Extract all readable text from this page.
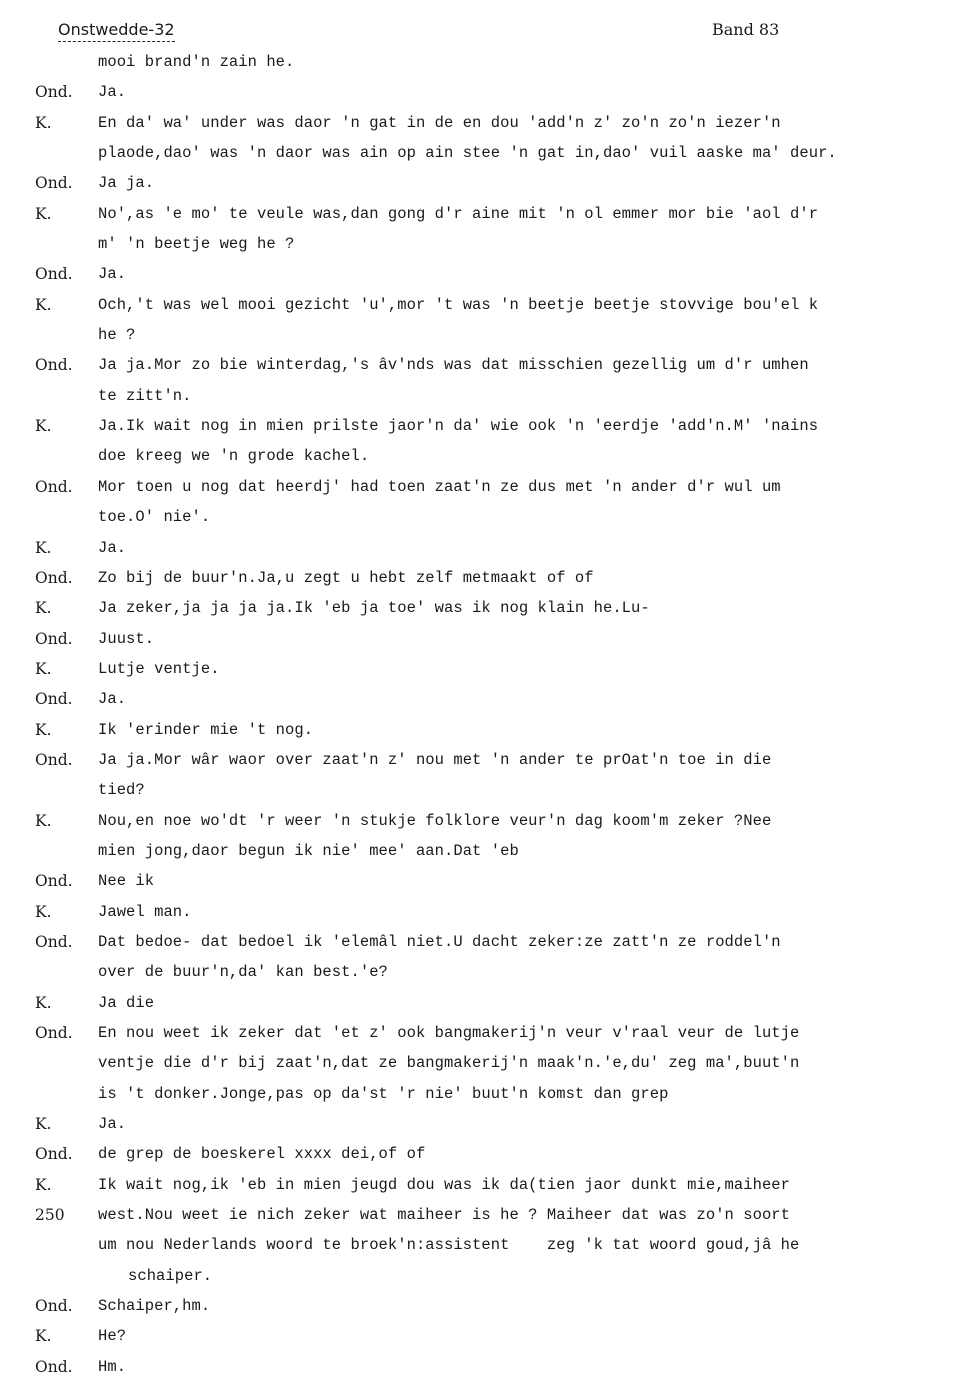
Onstwedde-32	Band 83
mooi brand'n zain he.
Ond. Ja.
K.	En da' wa' under was daor 'n gat in de en dou 'add'n z' zo'n zo'n iezer'n
plaode,dao' was 'n daor was ain op ain stee 'n gat in,dao' vuil aaske ma' deur.
Ond. Ja ja.
K.	No',as 'e mo' te veule was,dan gong d'r aine mit 'n ol emmer mor bie 'aol d'r
m' 'n beetje weg he ?
Ond. Ja.
K.	Och,'t was wel mooi gezicht 'u',mor 't was 'n beetje beetje stovvige bou'el k
he ?
Ond. Ja ja.Mor zo bie winterdag,'s âv'nds was dat misschien gezellig um d'r umhen
te zitt'n.
K.	Ja.Ik wait nog in mien prilste jaor'n da' wie ook 'n 'eerdje 'add'n.M' 'nains
doe kreeg we 'n grode kachel.
Ond. Mor toen u nog dat heerdj' had toen zaat'n ze dus met 'n ander d'r wul um
toe.O' nie'.
K.	Ja.
Ond. Zo bij de buur'n.Ja,u zegt u hebt zelf metmaakt of of
K.	Ja zeker,ja ja ja ja.Ik 'eb ja toe' was ik nog klain he.Lu-
Ond. Juust.
K.	Lutje ventje.
Ond. Ja.
K.	Ik 'erinder mie 't nog.
Ond. Ja ja.Mor wâr waor over zaat'n z' nou met 'n ander te prOat'n toe in die
tied?
K.	Nou,en noe wo'dt 'r weer 'n stukje folklore veur'n dag koom'm zeker ?Nee
mien jong,daor begun ik nie' mee' aan.Dat 'eb
Ond. Nee ik
K.	Jawel man.
Ond. Dat bedoe- dat bedoel ik 'elemâl niet.U dacht zeker:ze zatt'n ze roddel'n
over de buur'n,da' kan best.'e?
K.	Ja die
Ond. En nou weet ik zeker dat 'et z' ook bangmakerij'n veur v'raal veur de lutje
ventje die d'r bij zaat'n,dat ze bangmakerij'n maak'n.'e,du' zeg ma',buut'n
is 't donker.Jonge,pas op da'st 'r nie' buut'n komst dan grep
K.	Ja.
Ond. de grep de boeskerel xxxx dei,of of
K.	Ik wait nog,ik 'eb in mien jeugd dou was ik da(tien jaor dunkt mie,maiheer
250 west.Nou weet ie nich zeker wat maiheer is he ? Maiheer dat was zo'n soort
um nou Nederlands woord te broek'n:assistent    zeg 'k tat woord goud,jâ he
schaiper.
Ond. Schaiper,hm.
K.	He?
Ond. Hm.
